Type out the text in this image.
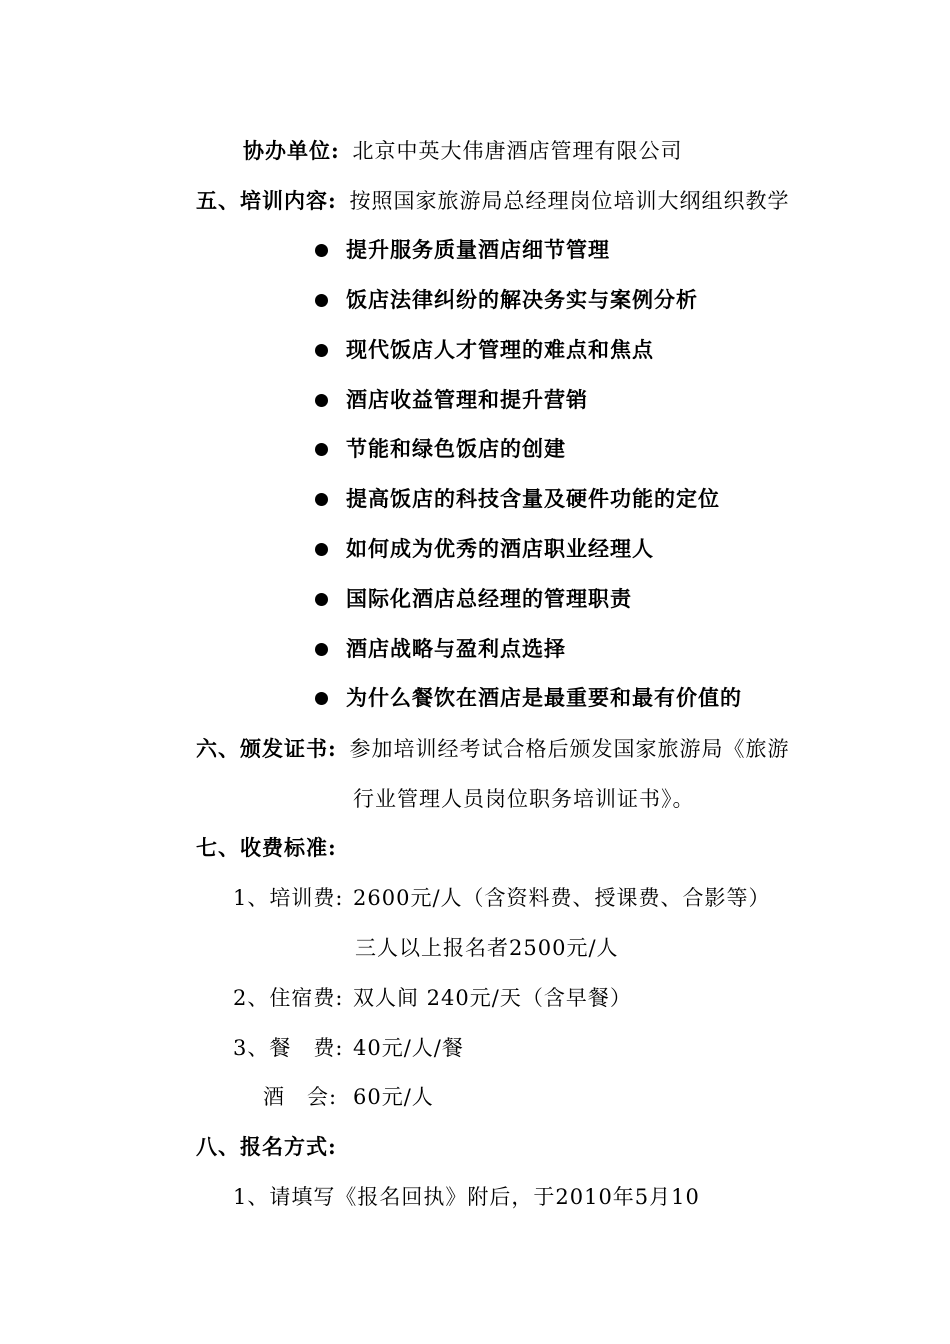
协办单位: 北京中英大伟唐酒店管理有限公司
五、培训内容: 按照国家旅游局总经理岗位培训大纲组织教学
提升服务质量酒店细节管理
饭店法律纠纷的解决务实与案例分析
现代饭店人才管理的难点和焦点
酒店收益管理和提升营销
节能和绿色饭店的创建
提高饭店的科技含量及硬件功能的定位
如何成为优秀的酒店职业经理人
国际化酒店总经理的管理职责
酒店战略与盈利点选择
为什么餐饮在酒店是最重要和最有价值的
六、颁发证书: 参加培训经考试合格后颁发国家旅游局《旅游
行业管理人员岗位职务培训证书》。
七、收费标准:
1、培训费: 2600元/人（含资料费、授课费、合影等）
三人以上报名者2500元/人
2、住宿费: 双人间 240元/天（含早餐）
3、餐　费: 40元/人/餐
酒　会: 60元/人
八、报名方式:
1、请填写《报名回执》附后，于2010年5月10
